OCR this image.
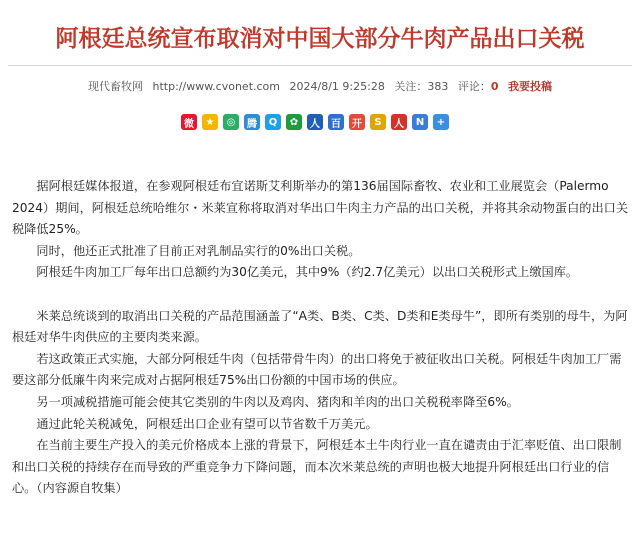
阿根廷总统宣布取消对中国大部分牛肉产品出口关税
现代畜牧网 http://www.cvonet.com 2024/8/1 9:25:28 关注：383 评论：0 我要投稿
微	★	◎	腾	Q	✿	人	百	开	S	人	N	+

据阿根廷媒体报道，在参观阿根廷布宜诺斯艾利斯举办的第136届国际畜牧、农业和工业展览会（Palermo 2024）期间，阿根廷总统哈维尔・米莱宣称将取消对华出口牛肉主力产品的出口关税，并将其余动物蛋白的出口关税降低25%。

同时，他还正式批准了目前正对乳制品实行的0%出口关税。

阿根廷牛肉加工厂每年出口总额约为30亿美元，其中9%（约2.7亿美元）以出口关税形式上缴国库。

米莱总统谈到的取消出口关税的产品范围涵盖了“A类、B类、C类、D类和E类母牛”，即所有类别的母牛，为阿根廷对华牛肉供应的主要肉类来源。

若这政策正式实施，大部分阿根廷牛肉（包括带骨牛肉）的出口将免于被征收出口关税。阿根廷牛肉加工厂需要这部分低廉牛肉来完成对占据阿根廷75%出口份额的中国市场的供应。

另一项减税措施可能会使其它类别的牛肉以及鸡肉、猪肉和羊肉的出口关税税率降至6%。

通过此轮关税减免，阿根廷出口企业有望可以节省数千万美元。

在当前主要生产投入的美元价格成本上涨的背景下，阿根廷本土牛肉行业一直在谴责由于汇率贬值、出口限制和出口关税的持续存在而导致的严重竞争力下降问题，而本次米莱总统的声明也极大地提升阿根廷出口行业的信心。（内容源自牧集）
